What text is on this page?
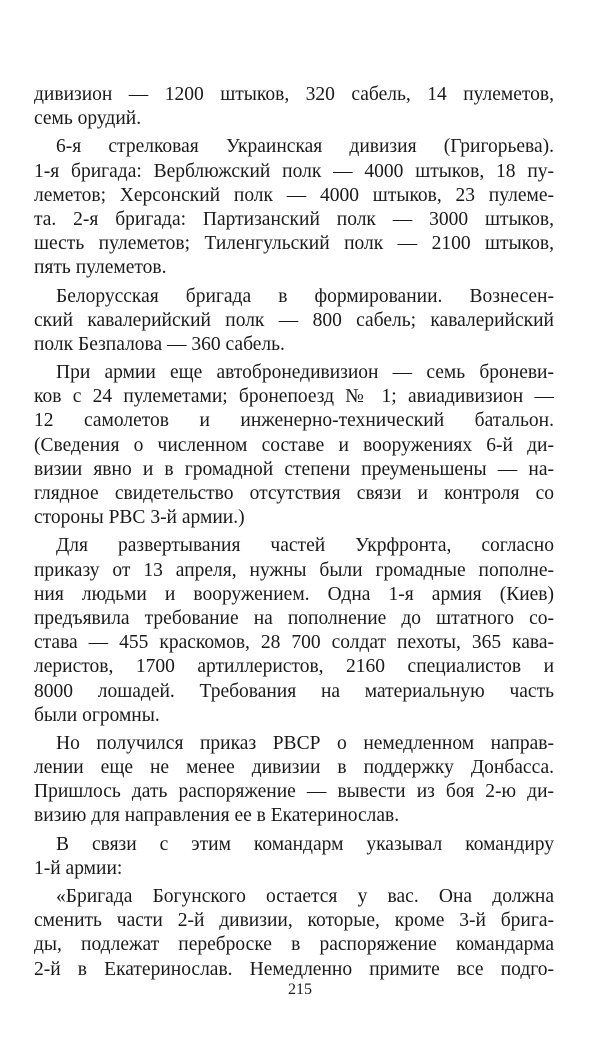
дивизион — 1200 штыков, 320 сабель, 14 пулеметов,
семь орудий.
6-я стрелковая Украинская дивизия (Григорьева).
1-я бригада: Верблюжский полк — 4000 штыков, 18 пу-
леметов; Херсонский полк — 4000 штыков, 23 пулеме-
та. 2-я бригада: Партизанский полк — 3000 штыков,
шесть пулеметов; Тиленгульский полк — 2100 штыков,
пять пулеметов.
Белорусская бригада в формировании. Вознесен-
ский кавалерийский полк — 800 сабель; кавалерийский
полк Безпалова — 360 сабель.
При армии еще автобронедивизион — семь броневи-
ков с 24 пулеметами; бронепоезд № 1; авиадивизион —
12 самолетов и инженерно-технический батальон.
(Сведения о численном составе и вооружениях 6-й ди-
визии явно и в громадной степени преуменьшены — на-
глядное свидетельство отсутствия связи и контроля со
стороны РВС 3-й армии.)
Для развертывания частей Укрфронта, согласно
приказу от 13 апреля, нужны были громадные пополне-
ния людьми и вооружением. Одна 1-я армия (Киев)
предъявила требование на пополнение до штатного со-
става — 455 краскомов, 28 700 солдат пехоты, 365 кава-
леристов, 1700 артиллеристов, 2160 специалистов и
8000 лошадей. Требования на материальную часть
были огромны.
Но получился приказ РВСР о немедленном направ-
лении еще не менее дивизии в поддержку Донбасса.
Пришлось дать распоряжение — вывести из боя 2-ю ди-
визию для направления ее в Екатеринослав.
В связи с этим командарм указывал командиру
1-й армии:
«Бригада Богунского остается у вас. Она должна
сменить части 2-й дивизии, которые, кроме 3-й брига-
ды, подлежат переброске в распоряжение командарма
2-й в Екатеринослав. Немедленно примите все подго-
215
